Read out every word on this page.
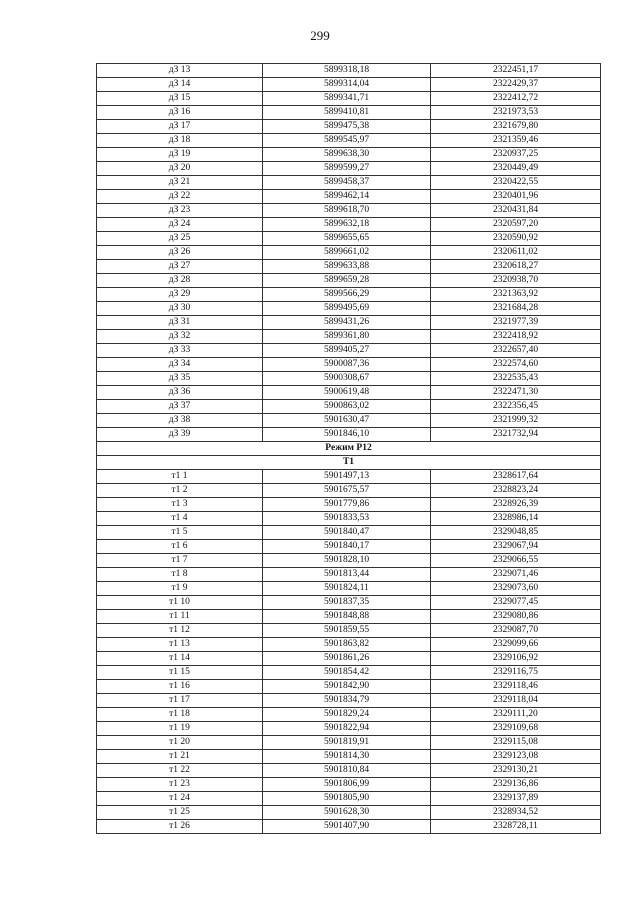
299
дЗ 13	5899318,18	2322451,17
дЗ 14	5899314,04	2322429,37
дЗ 15	5899341,71	2322412,72
дЗ 16	5899410,81	2321973,53
дЗ 17	5899475,38	2321679,80
дЗ 18	5899545,97	2321359,46
дЗ 19	5899638,30	2320937,25
дЗ 20	5899599,27	2320449,49
дЗ 21	5899458,37	2320422,55
дЗ 22	5899462,14	2320401,96
дЗ 23	5899618,70	2320431,84
дЗ 24	5899632,18	2320597,20
дЗ 25	5899655,65	2320590,92
дЗ 26	5899661,02	2320611,02
дЗ 27	5899633,88	2320618,27
дЗ 28	5899659,28	2320938,70
дЗ 29	5899566,29	2321363,92
дЗ 30	5899495,69	2321684,28
дЗ 31	5899431,26	2321977,39
дЗ 32	5899361,80	2322418,92
дЗ 33	5899405,27	2322657,40
дЗ 34	5900087,36	2322574,60
дЗ 35	5900308,67	2322535,43
дЗ 36	5900619,48	2322471,30
дЗ 37	5900863,02	2322356,45
дЗ 38	5901630,47	2321999,32
дЗ 39	5901846,10	2321732,94
Режим Р12		
Т1		
т1 1	5901497,13	2328617,64
т1 2	5901675,57	2328823,24
т1 3	5901779,86	2328926,39
т1 4	5901833,53	2328986,14
т1 5	5901840,47	2329048,85
т1 6	5901840,17	2329067,94
т1 7	5901828,10	2329066,55
т1 8	5901813,44	2329071,46
т1 9	5901824,11	2329073,60
т1 10	5901837,35	2329077,45
т1 11	5901848,88	2329080,86
т1 12	5901859,55	2329087,70
т1 13	5901863,82	2329099,66
т1 14	5901861,26	2329106,92
т1 15	5901854,42	2329116,75
т1 16	5901842,90	2329118,46
т1 17	5901834,79	2329118,04
т1 18	5901829,24	2329111,20
т1 19	5901822,94	2329109,68
т1 20	5901819,91	2329115,08
т1 21	5901814,30	2329123,08
т1 22	5901810,84	2329130,21
т1 23	5901806,99	2329136,86
т1 24	5901805,90	2329137,89
т1 25	5901628,30	2328934,52
т1 26	5901407,90	2328728,11
